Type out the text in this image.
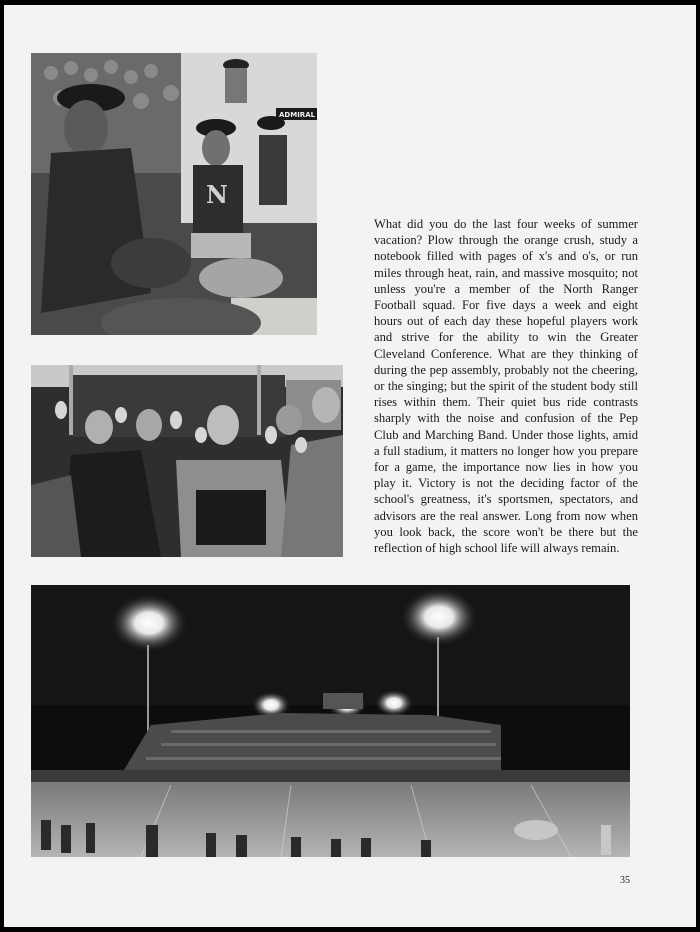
ADMIRAL
N

What did you do the last four weeks of summer vacation? Plow through the orange crush, study a notebook filled with pages of x's and o's, or run miles through heat, rain, and massive mosquito; not unless you're a member of the North Ranger Football squad. For five days a week and eight hours out of each day these hopeful players work and strive for the ability to win the Greater Cleveland Conference. What are they thinking of during the pep assembly, probably not the cheering, or the singing; but the spirit of the student body still rises within them. Their quiet bus ride contrasts sharply with the noise and confusion of the Pep Club and Marching Band. Under those lights, amid a full stadium, it matters no longer how you prepare for a game, the importance now lies in how you play it. Victory is not the deciding factor of the school's greatness, it's sportsmen, spectators, and advisors are the real answer. Long from now when you look back, the score won't be there but the reflection of high school life will always remain.

35
